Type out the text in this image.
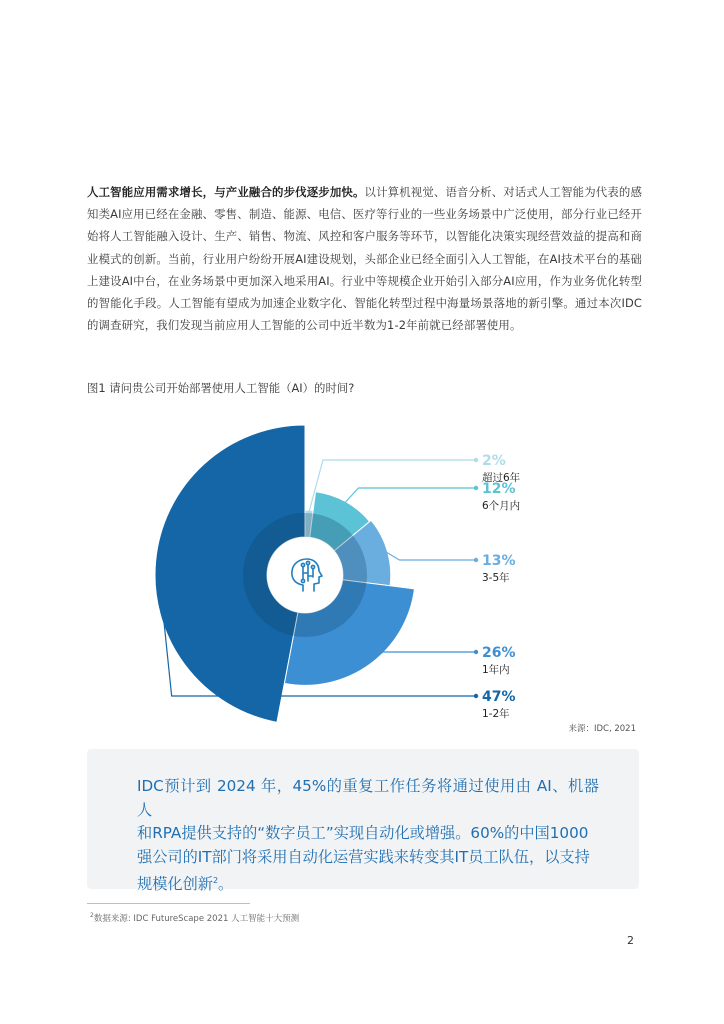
人工智能应用需求增长，与产业融合的步伐逐步加快。以计算机视觉、语音分析、对话式人工智能为代表的感知类AI应用已经在金融、零售、制造、能源、电信、医疗等行业的一些业务场景中广泛使用，部分行业已经开始将人工智能融入设计、生产、销售、物流、风控和客户服务等环节，以智能化决策实现经营效益的提高和商业模式的创新。当前，行业用户纷纷开展AI建设规划，头部企业已经全面引入人工智能，在AI技术平台的基础上建设AI中台，在业务场景中更加深入地采用AI。行业中等规模企业开始引入部分AI应用，作为业务优化转型的智能化手段。人工智能有望成为加速企业数字化、智能化转型过程中海量场景落地的新引擎。通过本次IDC的调查研究，我们发现当前应用人工智能的公司中近半数为1-2年前就已经部署使用。

图1 请问贵公司开始部署使用人工智能（AI）的时间?
2%
超过6年
12%
6个月内
13%
3-5年
26%
1年内
47%
1-2年
来源：IDC, 2021

IDC预计到 2024 年，45%的重复工作任务将通过使用由 AI、机器人
和RPA提供支持的“数字员工”实现自动化或增强。60%的中国1000
强公司的IT部门将采用自动化运营实践来转变其IT员工队伍，以支持
规模化创新$^2$。

$^2$数据来源: IDC FutureScape 2021 人工智能十大预测
2
